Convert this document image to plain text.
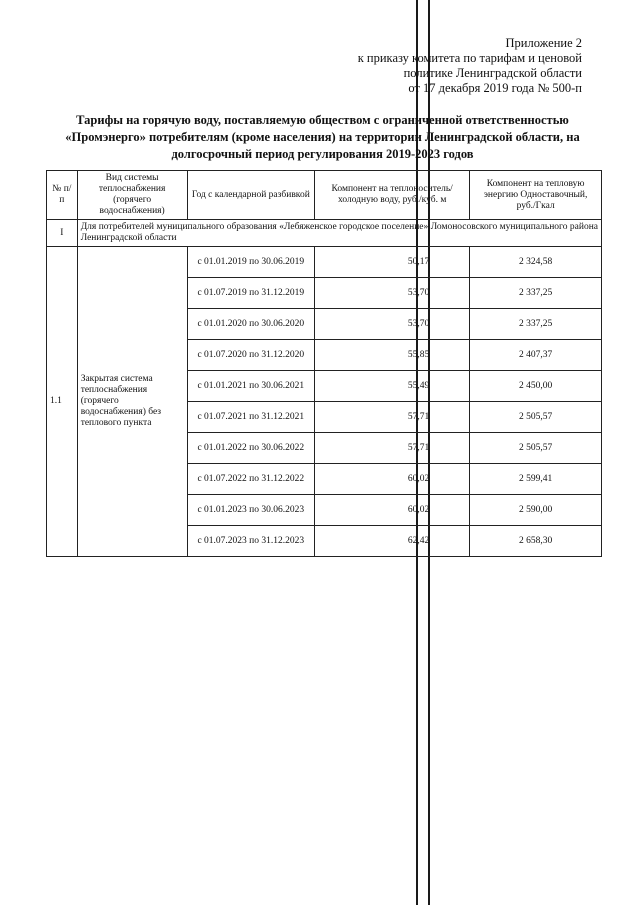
Приложение 2
к приказу комитета по тарифам и ценовой
политике Ленинградской области
от 17 декабря 2019 года № 500-п
Тарифы на горячую воду, поставляемую обществом с ограниченной ответственностью
«Промэнерго» потребителям (кроме населения) на территории Ленинградской области, на
долгосрочный период регулирования 2019-2023 годов
№ п/п	Вид системы теплоснабжения (горячего водоснабжения)	Год с календарной разбивкой	Компонент на теплоноситель/холодную воду, руб./куб. м	Компонент на тепловую энергию Одноставочный, руб./Гкал
I	Для потребителей муниципального образования «Лебяженское городское поселение» Ломоносовского муниципального района Ленинградской области			
1.1	Закрытая система теплоснабжения (горячего водоснабжения) без теплового пункта	с 01.01.2019 по 30.06.2019	50,17	2 324,58
		с 01.07.2019 по 31.12.2019	53,70	2 337,25
		с 01.01.2020 по 30.06.2020	53,70	2 337,25
		с 01.07.2020 по 31.12.2020	55,85	2 407,37
		с 01.01.2021 по 30.06.2021	55,49	2 450,00
		с 01.07.2021 по 31.12.2021	57,71	2 505,57
		с 01.01.2022 по 30.06.2022	57,71	2 505,57
		с 01.07.2022 по 31.12.2022	60,02	2 599,41
		с 01.01.2023 по 30.06.2023	60,02	2 590,00
		с 01.07.2023 по 31.12.2023	62,42	2 658,30
